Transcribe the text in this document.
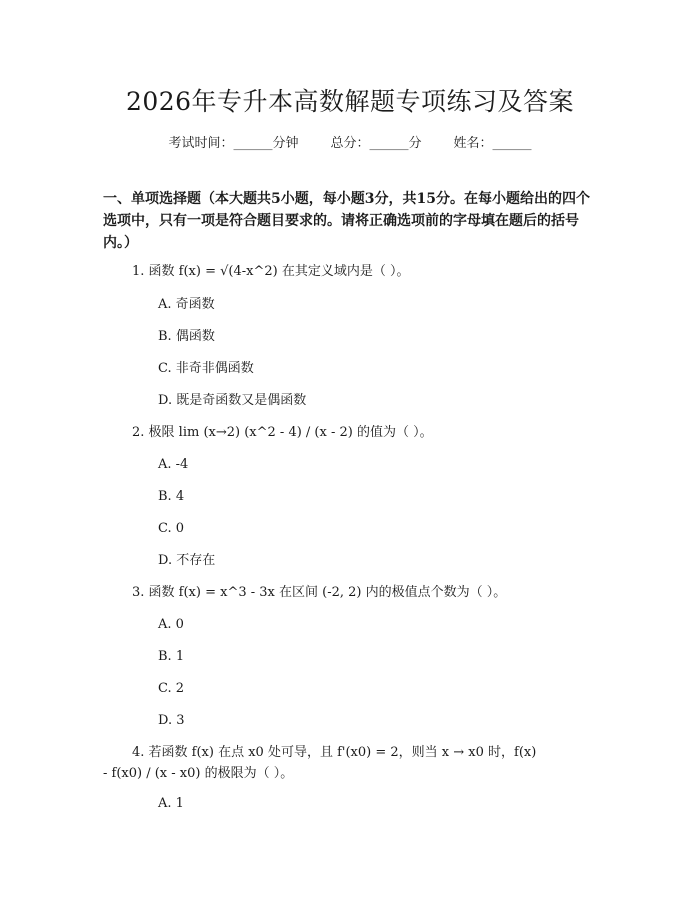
2026年专升本高数解题专项练习及答案
考试时间：______分钟 总分：______分 姓名：______
一、单项选择题（本大题共5小题，每小题3分，共15分。在每小题给出的四个选项中，只有一项是符合题目要求的。请将正确选项前的字母填在题后的括号内。）
1. 函数 f(x) = √(4-x^2) 在其定义域内是（ ）。
A. 奇函数
B. 偶函数
C. 非奇非偶函数
D. 既是奇函数又是偶函数
2. 极限 lim (x→2) (x^2 - 4) / (x - 2) 的值为（ ）。
A. -4
B. 4
C. 0
D. 不存在
3. 函数 f(x) = x^3 - 3x 在区间 (-2, 2) 内的极值点个数为（ ）。
A. 0
B. 1
C. 2
D. 3
4. 若函数 f(x) 在点 x0 处可导，且 f'(x0) = 2，则当 x → x0 时，f(x)
- f(x0) / (x - x0) 的极限为（ ）。
A. 1
